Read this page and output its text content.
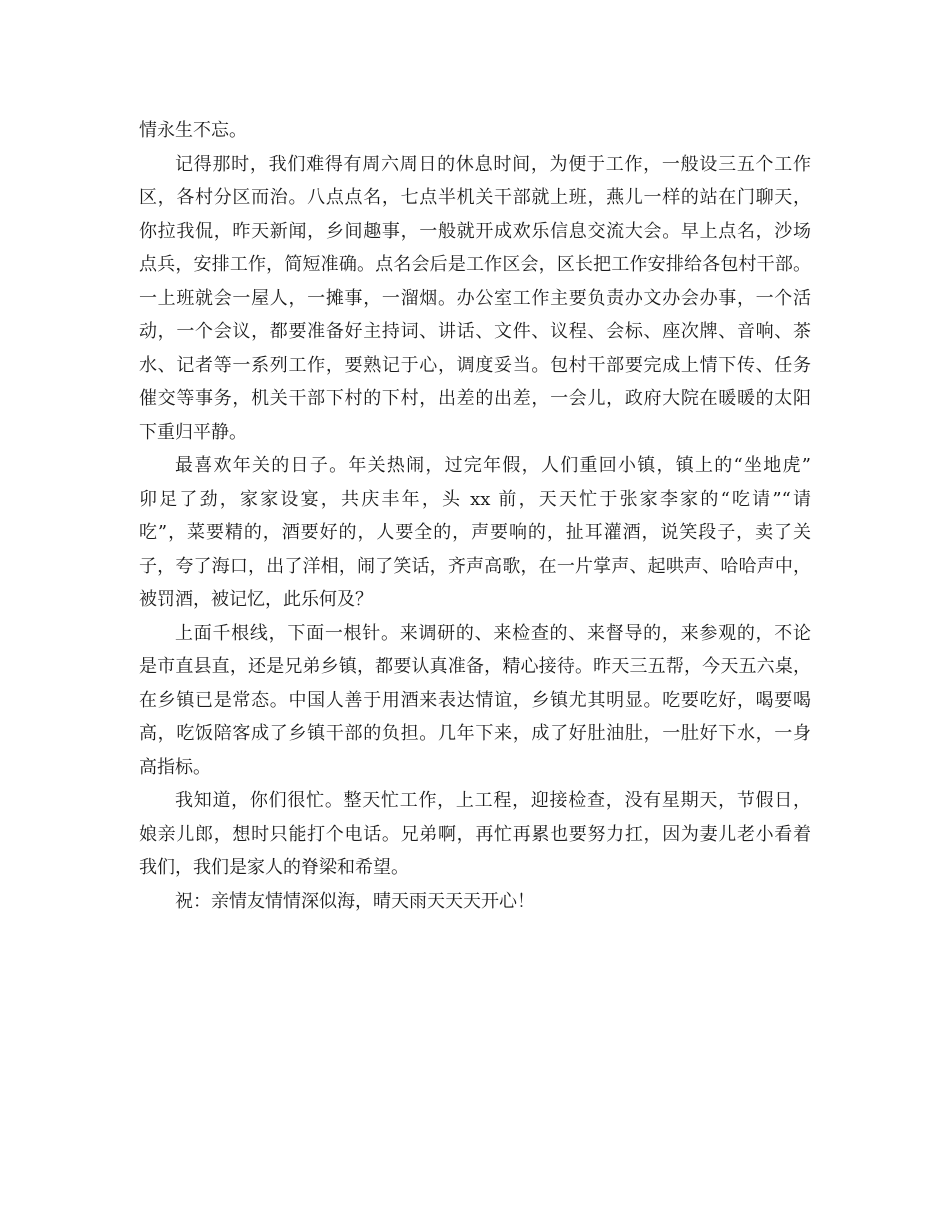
情永生不忘。
记得那时，我们难得有周六周日的休息时间，为便于工作，一般设三五个工作
区，各村分区而治。八点点名，七点半机关干部就上班，燕儿一样的站在门聊天，
你拉我侃，昨天新闻，乡间趣事，一般就开成欢乐信息交流大会。早上点名，沙场
点兵，安排工作，简短准确。点名会后是工作区会，区长把工作安排给各包村干部。
一上班就会一屋人，一摊事，一溜烟。办公室工作主要负责办文办会办事，一个活
动，一个会议，都要准备好主持词、讲话、文件、议程、会标、座次牌、音响、茶
水、记者等一系列工作，要熟记于心，调度妥当。包村干部要完成上情下传、任务
催交等事务，机关干部下村的下村，出差的出差，一会儿，政府大院在暖暖的太阳
下重归平静。
最喜欢年关的日子。年关热闹，过完年假，人们重回小镇，镇上的“坐地虎”
卯足了劲，家家设宴，共庆丰年，头 xx 前，天天忙于张家李家的“吃请”“请
吃”，菜要精的，酒要好的，人要全的，声要响的，扯耳灌酒，说笑段子，卖了关
子，夸了海口，出了洋相，闹了笑话，齐声高歌，在一片掌声、起哄声、哈哈声中，
被罚酒，被记忆，此乐何及？
上面千根线，下面一根针。来调研的、来检查的、来督导的，来参观的，不论
是市直县直，还是兄弟乡镇，都要认真准备，精心接待。昨天三五帮，今天五六桌，
在乡镇已是常态。中国人善于用酒来表达情谊，乡镇尤其明显。吃要吃好，喝要喝
高，吃饭陪客成了乡镇干部的负担。几年下来，成了好肚油肚，一肚好下水，一身
高指标。
我知道，你们很忙。整天忙工作，上工程，迎接检查，没有星期天，节假日，
娘亲儿郎，想时只能打个电话。兄弟啊，再忙再累也要努力扛，因为妻儿老小看着
我们，我们是家人的脊梁和希望。
祝：亲情友情情深似海，晴天雨天天天开心！
